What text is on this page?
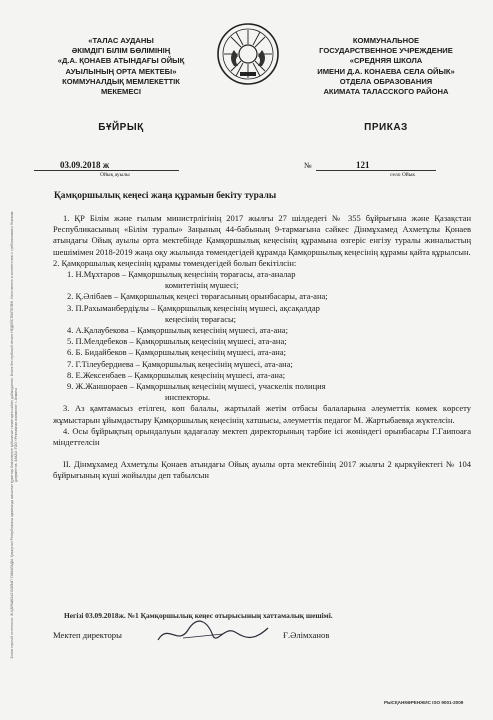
Бланк строгой отчетности. Ж.ҚАРАШСЫЗ БОЛЫП ТАБЫЛАДЫ. Қазақстан Республикасы аумағында жасалған құжаттар бланкілеріне қойылатын талаптарға сәйкес дайындалған. Бланк без гербовой печати НЕДЕЙСТВИТЕЛЕН. Изготовлено в соответствии с требованиями к бланкам документов. ЗАКАЗ: ТОО «Рекламная компания» г. Алматы
«ТАЛАС АУДАНЫ
ӘКІМДІГІ БІЛІМ БӨЛІМІНІҢ
«Д.А. ҚОНАЕВ АТЫНДАҒЫ ОЙЫҚ
АУЫЛЫНЫҢ ОРТА МЕКТЕБІ»
КОММУНАЛДЫҚ МЕМЛЕКЕТТІК
МЕКЕМЕСІ
КОММУНАЛЬНОЕ
ГОСУДАРСТВЕННОЕ УЧРЕЖДЕНИЕ
«СРЕДНЯЯ ШКОЛА
ИМЕНИ Д.А. КОНАЕВА СЕЛА ОЙЫК»
ОТДЕЛА ОБРАЗОВАНИЯ
АКИМАТА ТАЛАССКОГО РАЙОНА
БҰЙРЫҚ	ПРИКАЗ
03.09.2018 ж
Ойық ауылы
№	121
село Ойык
Қамқоршылық кеңесі жаңа құрамын бекіту туралы

1. ҚР Білім және ғылым министрлігінің 2017 жылғы 27 шілдедегі № 355 бұйрығына және Қазақстан Республикасының «Білім туралы» Заңының 44-бабының 9-тармағына сәйкес Дінмұхамед Ахметұлы Қонаев атындағы Ойық ауылы орта мектебінде Қамқоршылық кеңесінің құрамына өзгеріс енгізу туралы жиналыстың шешімімен 2018-2019 жаңа оқу жылында төмендегідей құрамда Қамқоршылық кеңесінің құрамы қайта құрылсын.

2. Қамқоршылық кеңесінің құрамы төмендегідей болып бекітілсін:

1. Н.Мұхтаров – Қамқоршылық кеңесінің төрағасы, ата-аналар
комитетінің мүшесі;
2. Қ.Әлібаев – Қамқоршылық кеңесі төрағасының орынбасары, ата-ана;
3. П.Рахыманбердіұлы – Қамқоршылық кеңесінің мүшесі, ақсақалдар
кеңесінің төрағасы;
4. А.Қалаубекова – Қамқоршылық кеңесінің мүшесі, ата-ана;
5. П.Мелдебеков – Қамқоршылық кеңесінің мүшесі, ата-ана;
6. Б. Бидайбеков – Қамқоршылық кеңесінің мүшесі, ата-ана;
7. Г.Тілеубердиева – Қамқоршылық кеңесінің мүшесі, ата-ана;
8. Е.Жексенбаев – Қамқоршылық кеңесінің мүшесі, ата-ана;
9. Ж.Жаншораев – Қамқоршылық кеңесінің мүшесі, учаскелік полиция
инспекторы.

3. Аз қамтамасыз етілген, көп балалы, жартылай жетім отбасы балаларына әлеуметтік көмек көрсету жұмыстарын ұйымдастыру Қамқоршылық кеңесінің хатшысы, әлеуметтік педагог М. Жартыбаевқа жүктелсін.

4. Осы бұйрықтың орындалуын қадағалау мектеп директорының тәрбие ісі жөніндегі орынбасары Г.Гаипоаға міндеттелсін

II. Дінмұхамед Ахметұлы Қонаев атындағы Ойық ауылы орта мектебінің 2017 жылғы 2 қыркүйектегі № 104 бұйрығының күші жойылды деп табылсын

Негізі 03.09.2018ж. №1 Қамқоршылық кеңес отырысының хаттамалық шешімі.
Мектеп директоры	Ғ.Әлімханов
РЫСҚАНКӨРЕНЖИС ISO 9001-2009
